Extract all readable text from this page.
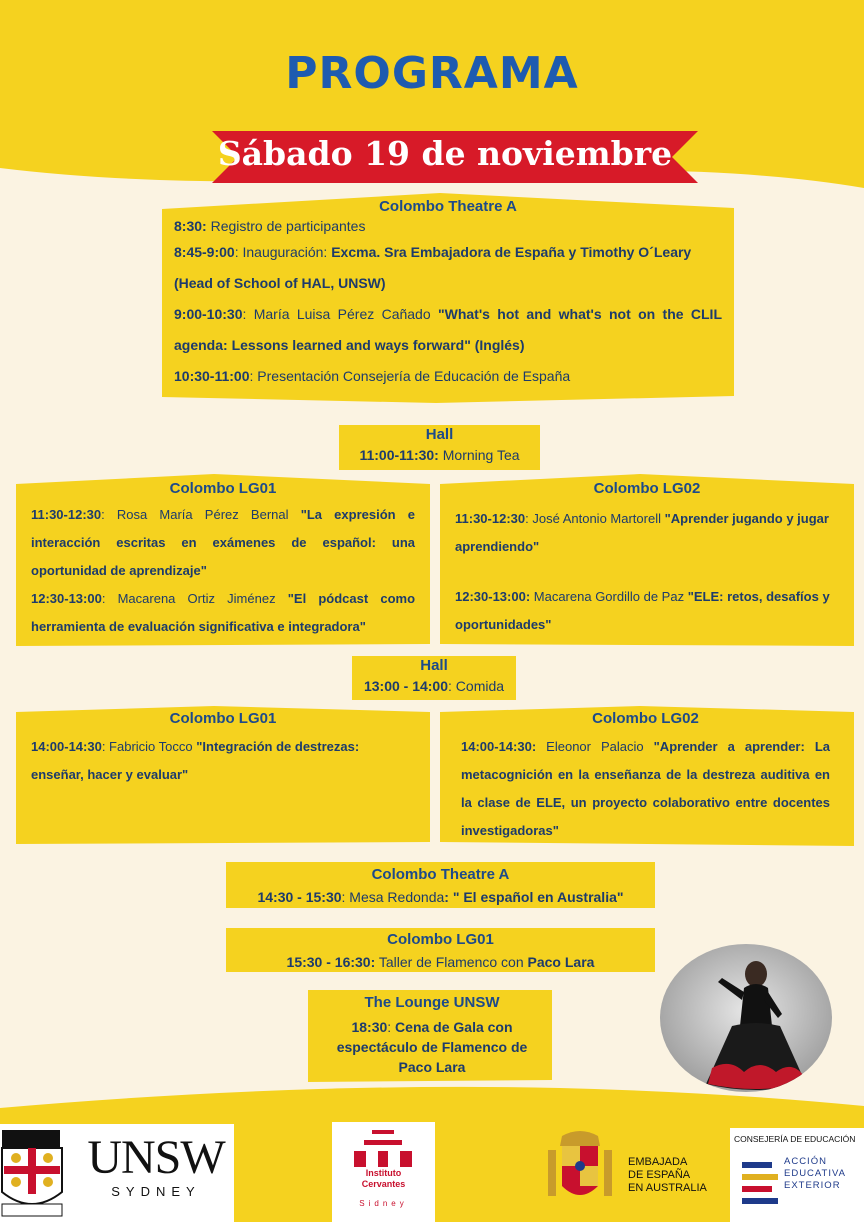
PROGRAMA
Sábado 19 de noviembre
Colombo Theatre A
8:30: Registro de participantes
8:45-9:00: Inauguración: Excma. Sra Embajadora de España y Timothy O´Leary (Head of School of HAL, UNSW)
9:00-10:30: María Luisa Pérez Cañado "What's hot and what's not on the CLIL agenda: Lessons learned and ways forward" (Inglés)
10:30-11:00: Presentación Consejería de Educación de España
Hall
11:00-11:30: Morning Tea
Colombo LG01
11:30-12:30: Rosa María Pérez Bernal "La expresión e interacción escritas en exámenes de español: una oportunidad de aprendizaje"
12:30-13:00: Macarena Ortiz Jiménez "El pódcast como herramienta de evaluación significativa e integradora"
Colombo LG02
11:30-12:30: José Antonio Martorell "Aprender jugando y jugar aprendiendo"
12:30-13:00: Macarena Gordillo de Paz "ELE: retos, desafíos y oportunidades"
Hall
13:00 - 14:00: Comida
Colombo LG01
14:00-14:30: Fabricio Tocco "Integración de destrezas: enseñar, hacer y evaluar"
Colombo LG02
14:00-14:30: Eleonor Palacio "Aprender a aprender: La metacognición en la enseñanza de la destreza auditiva en la clase de ELE, un proyecto colaborativo entre docentes investigadoras"
Colombo Theatre A
14:30 - 15:30: Mesa Redonda: " El español en Australia"
Colombo LG01
15:30 - 16:30: Taller de Flamenco con Paco Lara
The Lounge UNSW
18:30: Cena de Gala con espectáculo de Flamenco de Paco Lara
UNSW
SYDNEY
Instituto
Cervantes
Sidney
EMBAJADA
DE ESPAÑA
EN AUSTRALIA
CONSEJERÍA DE EDUCACIÓN
ACCIÓN
EDUCATIVA
EXTERIOR
